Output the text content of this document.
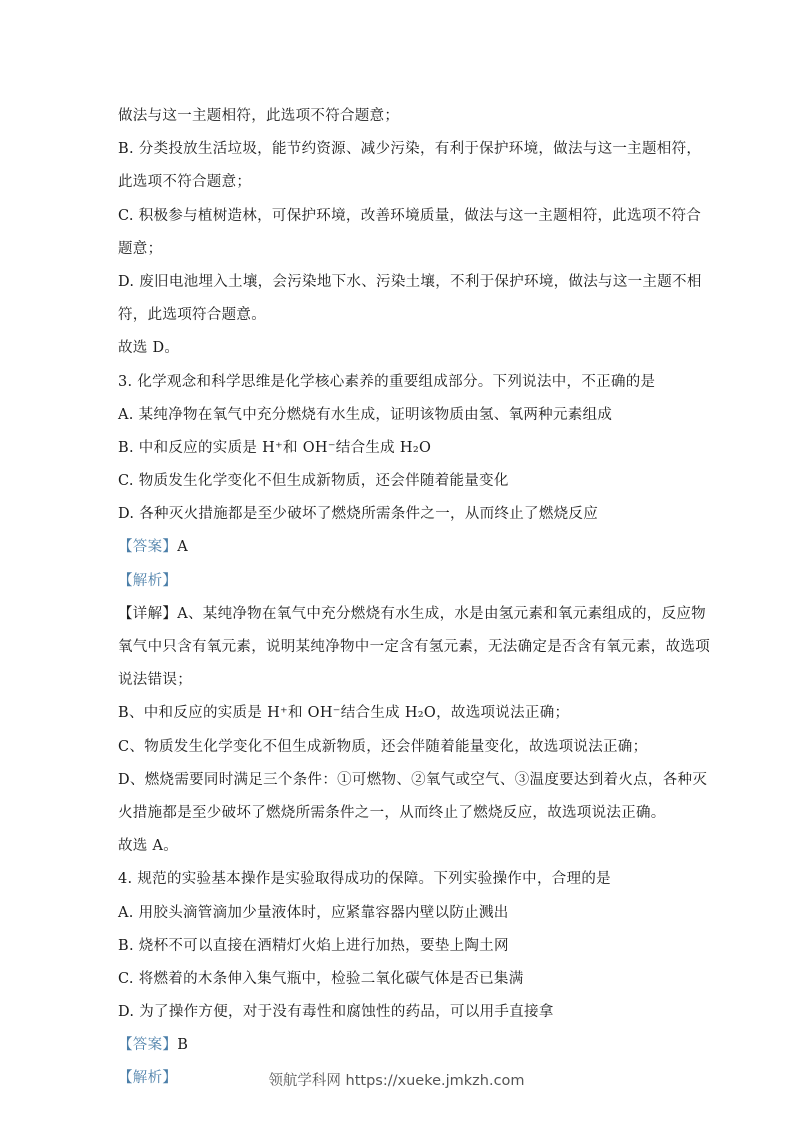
做法与这一主题相符，此选项不符合题意；
B. 分类投放生活垃圾，能节约资源、减少污染，有利于保护环境，做法与这一主题相符，
此选项不符合题意；
C. 积极参与植树造林，可保护环境，改善环境质量，做法与这一主题相符，此选项不符合
题意；
D. 废旧电池埋入土壤，会污染地下水、污染土壤，不利于保护环境，做法与这一主题不相
符，此选项符合题意。
故选 D。
3. 化学观念和科学思维是化学核心素养的重要组成部分。下列说法中，不正确的是
A. 某纯净物在氧气中充分燃烧有水生成，证明该物质由氢、氧两种元素组成
B. 中和反应的实质是 H⁺和 OH⁻结合生成 H₂O
C. 物质发生化学变化不但生成新物质，还会伴随着能量变化
D. 各种灭火措施都是至少破坏了燃烧所需条件之一，从而终止了燃烧反应
【答案】A
【解析】
【详解】A、某纯净物在氧气中充分燃烧有水生成，水是由氢元素和氧元素组成的，反应物
氧气中只含有氧元素，说明某纯净物中一定含有氢元素，无法确定是否含有氧元素，故选项
说法错误；
B、中和反应的实质是 H⁺和 OH⁻结合生成 H₂O，故选项说法正确；
C、物质发生化学变化不但生成新物质，还会伴随着能量变化，故选项说法正确；
D、燃烧需要同时满足三个条件：①可燃物、②氧气或空气、③温度要达到着火点，各种灭
火措施都是至少破坏了燃烧所需条件之一，从而终止了燃烧反应，故选项说法正确。
故选 A。
4. 规范的实验基本操作是实验取得成功的保障。下列实验操作中，合理的是
A. 用胶头滴管滴加少量液体时，应紧靠容器内壁以防止溅出
B. 烧杯不可以直接在酒精灯火焰上进行加热，要垫上陶土网
C. 将燃着的木条伸入集气瓶中，检验二氧化碳气体是否已集满
D. 为了操作方便，对于没有毒性和腐蚀性的药品，可以用手直接拿
【答案】B
【解析】	领航学科网 https://xueke.jmkzh.com
